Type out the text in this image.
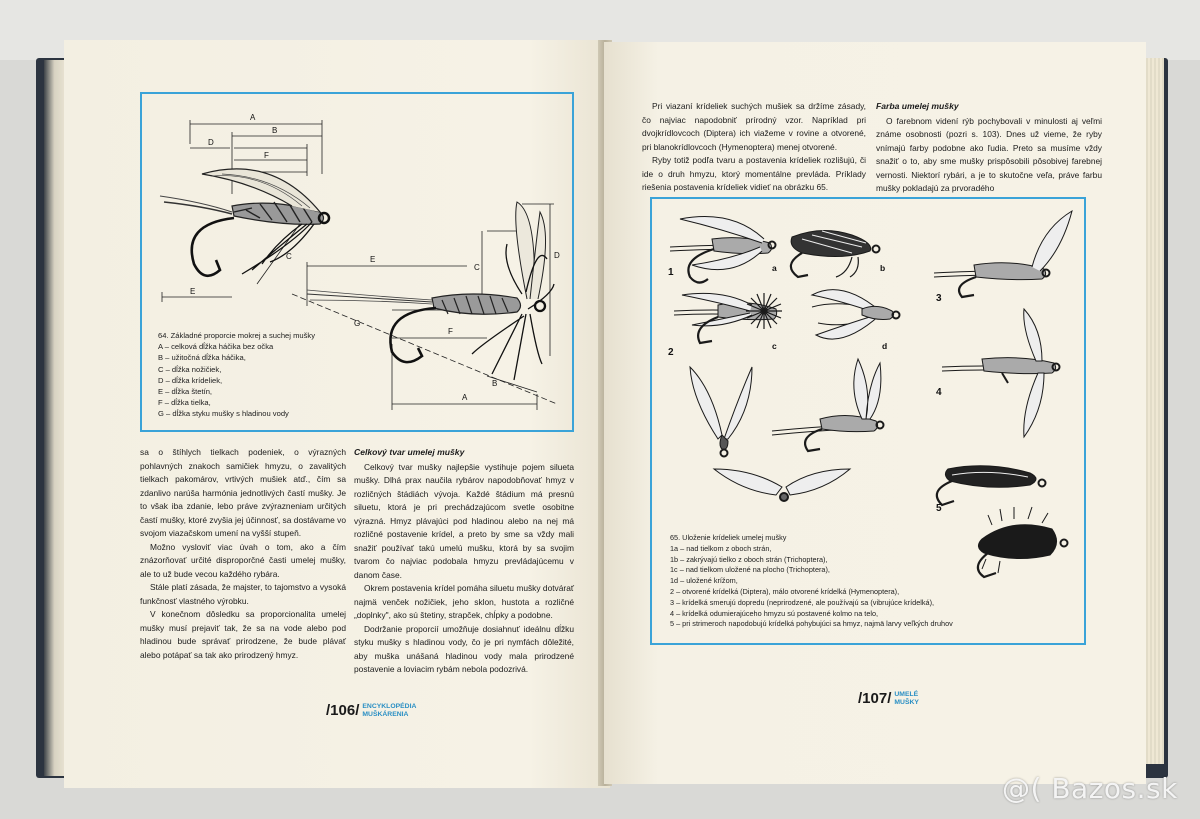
A
B
D
F
C
E
E
C
D
B
F
G
A
64. Základné proporcie mokrej a suchej mušky
A – celková dĺžka háčika bez očka
B – užitočná dĺžka háčika,
C – dĺžka nožičiek,
D – dĺžka krídeliek,
E – dĺžka štetín,
F – dĺžka tielka,
G – dĺžka styku mušky s hladinou vody

sa o štíhlych tielkach podeniek, o výrazných pohlavných znakoch samičiek hmyzu, o zavalitých tielkach pakomárov, vrtivých mušiek atď., čím sa zdanlivo narúša harmónia jednotlivých častí mušky. Je to však iba zdanie, lebo práve zvýrazneniam určitých častí mušky, ktoré zvyšia jej účinnosť, sa dostávame vo svojom viazačskom umení na vyšší stupeň.

Možno vysloviť viac úvah o tom, ako a čím znázorňovať určité disproporčné časti umelej mušky, ale to už bude vecou každého rybára.

Stále platí zásada, že majster, to tajomstvo a vysoká funkčnosť vlastného výrobku.

V konečnom dôsledku sa proporcionalita umelej mušky musí prejaviť tak, že sa na vode alebo pod hladinou bude správať prirodzene, že bude plávať alebo potápať sa tak ako prirodzený hmyz.

Celkový tvar umelej mušky

Celkový tvar mušky najlepšie vystihuje pojem silueta mušky. Dlhá prax naučila rybárov napodobňovať hmyz v rozličných štádiách vývoja. Každé štádium má presnú siluetu, ktorá je pri prechádzajúcom svetle osobitne výrazná. Hmyz plávajúci pod hladinou alebo na nej má rozličné postavenie krídel, a preto by sme sa vždy mali snažiť používať takú umelú mušku, ktorá by sa svojim tvarom čo najviac podobala hmyzu prevládajúcemu v danom čase.

Okrem postavenia krídel pomáha siluetu mušky dotvárať najmä venček nožičiek, jeho sklon, hustota a rozličné „doplnky", ako sú štetiny, strapček, chĺpky a podobne.

Dodržanie proporcií umožňuje dosiahnuť ideálnu dĺžku styku mušky s hladinou vody, čo je pri nymfách dôležité, aby muška unášaná hladinou vody mala prirodzené postavenie a loviacim rybám nebola podozrivá.

/106/ ENCYKLOPÉDIA
MUŠKÁRENIA

Pri viazaní krídeliek suchých mušiek sa držíme zásady, čo najviac napodobniť prírodný vzor. Napríklad pri dvojkrídlovcoch (Diptera) ich viažeme v rovine a otvorené, pri blanokrídlovcoch (Hymenoptera) menej otvorené.

Ryby totiž podľa tvaru a postavenia krídeliek rozlišujú, či ide o druh hmyzu, ktorý momentálne prevláda. Príklady riešenia postavenia krídeliek vidieť na obrázku 65.

Farba umelej mušky

O farebnom videní rýb pochybovali v minulosti aj veľmi známe osobnosti (pozri s. 103). Dnes už vieme, že ryby vnímajú farby podobne ako ľudia. Preto sa musíme vždy snažiť o to, aby sme mušky prispôsobili pôsobivej farebnej vernosti. Niektorí rybári, a je to skutočne veľa, práve farbu mušky pokladajú za prvoradého

1
2
3
4
5
a	b
c	d
65. Uloženie krídeliek umelej mušky
1a – nad tielkom z oboch strán,
1b – zakrývajú tielko z oboch strán (Trichoptera),
1c – nad tielkom uložené na plocho (Trichoptera),
1d – uložené krížom,
2 – otvorené krídelká (Diptera), málo otvorené krídelká (Hymenoptera),
3 – krídelká smerujú dopredu (neprirodzené, ale používajú sa (vibrujúce krídelká),
4 – krídelká odumierajúceho hmyzu sú postavené kolmo na telo,
5 – pri strimeroch napodobujú krídelká pohybujúci sa hmyz, najmä larvy veľkých druhov
/107/ UMELÉ
MUŠKY
@( Bazos.sk
